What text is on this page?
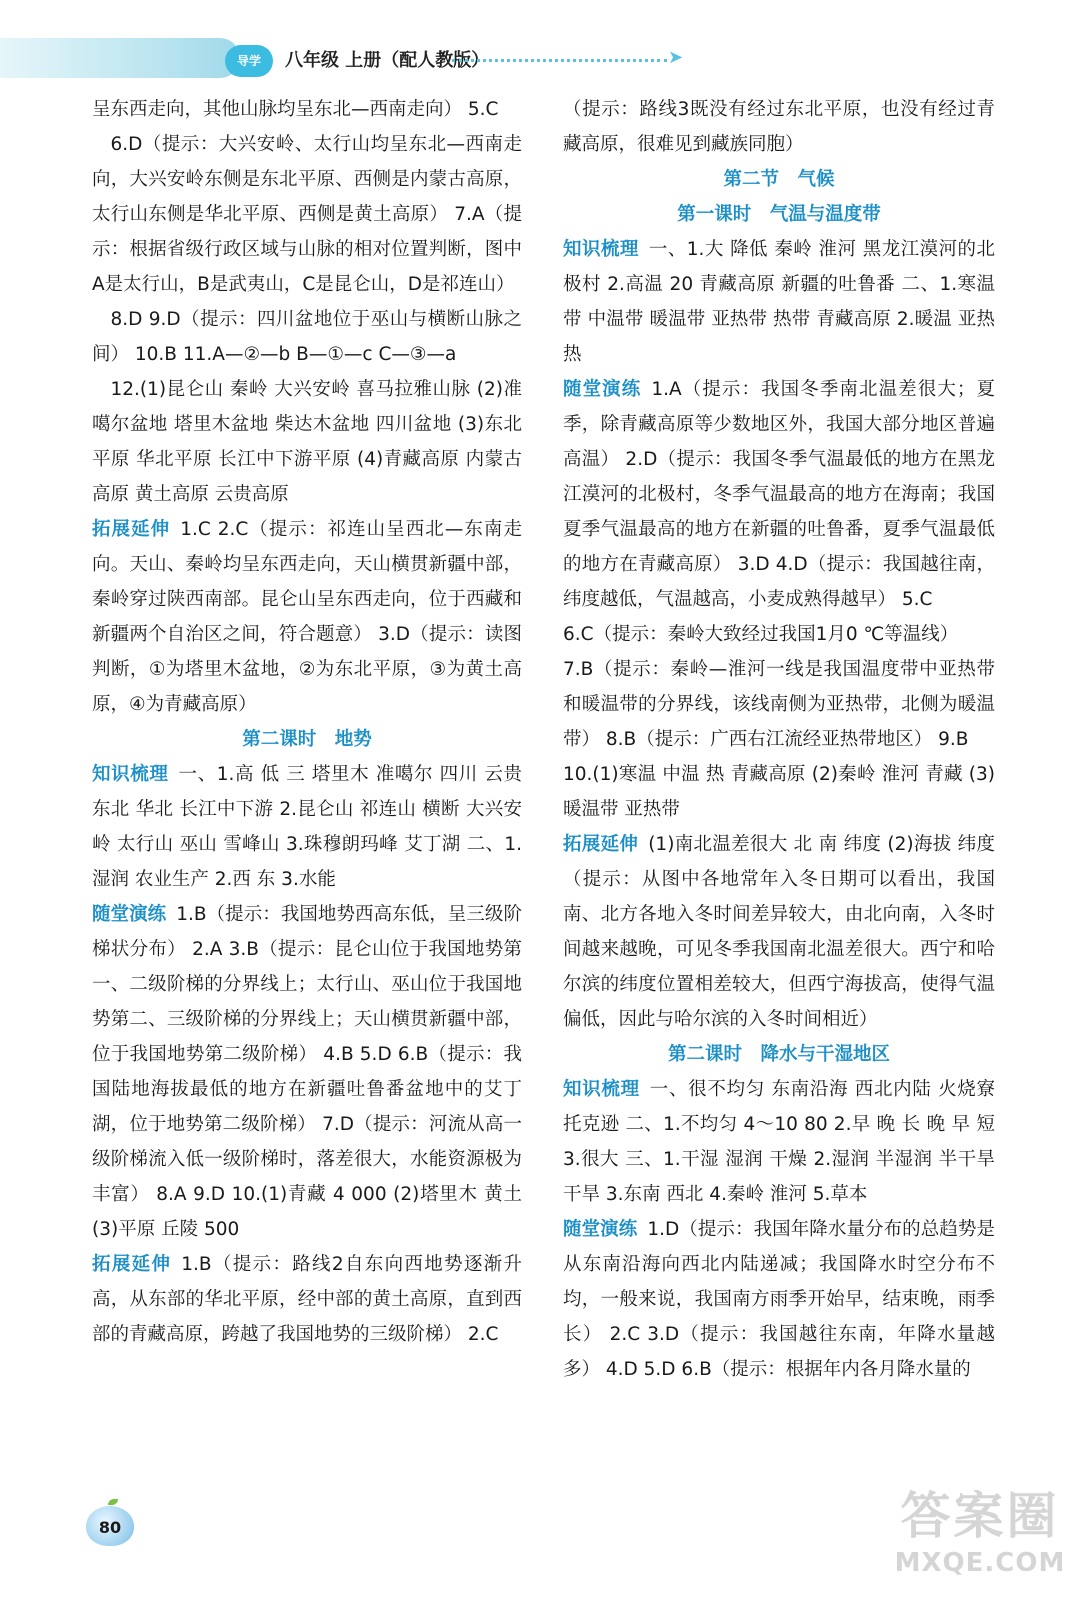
导学	八年级 上册（配人教版）	➤

呈东西走向，其他山脉均呈东北—西南走向） 5.C

6.D（提示：大兴安岭、太行山均呈东北—西南走向，大兴安岭东侧是东北平原、西侧是内蒙古高原，太行山东侧是华北平原、西侧是黄土高原） 7.A（提示：根据省级行政区域与山脉的相对位置判断，图中A是太行山，B是武夷山，C是昆仑山，D是祁连山）

8.D 9.D（提示：四川盆地位于巫山与横断山脉之间） 10.B 11.A—②—b B—①—c C—③—a

12.(1)昆仑山 秦岭 大兴安岭 喜马拉雅山脉 (2)准噶尔盆地 塔里木盆地 柴达木盆地 四川盆地 (3)东北平原 华北平原 长江中下游平原 (4)青藏高原 内蒙古高原 黄土高原 云贵高原

拓展延伸 1.C 2.C（提示：祁连山呈西北—东南走向。天山、秦岭均呈东西走向，天山横贯新疆中部，秦岭穿过陕西南部。昆仑山呈东西走向，位于西藏和新疆两个自治区之间，符合题意） 3.D（提示：读图判断，①为塔里木盆地，②为东北平原，③为黄土高原，④为青藏高原）

第二课时　地势

知识梳理 一、1.高 低 三 塔里木 准噶尔 四川 云贵 东北 华北 长江中下游 2.昆仑山 祁连山 横断 大兴安岭 太行山 巫山 雪峰山 3.珠穆朗玛峰 艾丁湖 二、1.湿润 农业生产 2.西 东 3.水能

随堂演练 1.B（提示：我国地势西高东低，呈三级阶梯状分布） 2.A 3.B（提示：昆仑山位于我国地势第一、二级阶梯的分界线上；太行山、巫山位于我国地势第二、三级阶梯的分界线上；天山横贯新疆中部，位于我国地势第二级阶梯） 4.B 5.D 6.B（提示：我国陆地海拔最低的地方在新疆吐鲁番盆地中的艾丁湖，位于地势第二级阶梯） 7.D（提示：河流从高一级阶梯流入低一级阶梯时，落差很大，水能资源极为丰富） 8.A 9.D 10.(1)青藏 4 000 (2)塔里木 黄土 (3)平原 丘陵 500

拓展延伸 1.B（提示：路线2自东向西地势逐渐升高，从东部的华北平原，经中部的黄土高原，直到西部的青藏高原，跨越了我国地势的三级阶梯） 2.C

（提示：路线3既没有经过东北平原，也没有经过青藏高原，很难见到藏族同胞）

第二节　气候

第一课时　气温与温度带

知识梳理 一、1.大 降低 秦岭 淮河 黑龙江漠河的北极村 2.高温 20 青藏高原 新疆的吐鲁番 二、1.寒温带 中温带 暖温带 亚热带 热带 青藏高原 2.暖温 亚热 热

随堂演练 1.A（提示：我国冬季南北温差很大；夏季，除青藏高原等少数地区外，我国大部分地区普遍高温） 2.D（提示：我国冬季气温最低的地方在黑龙江漠河的北极村，冬季气温最高的地方在海南；我国夏季气温最高的地方在新疆的吐鲁番，夏季气温最低的地方在青藏高原） 3.D 4.D（提示：我国越往南，纬度越低，气温越高，小麦成熟得越早） 5.C

6.C（提示：秦岭大致经过我国1月0 ℃等温线）

7.B（提示：秦岭—淮河一线是我国温度带中亚热带和暖温带的分界线，该线南侧为亚热带，北侧为暖温带） 8.B（提示：广西右江流经亚热带地区） 9.B

10.(1)寒温 中温 热 青藏高原 (2)秦岭 淮河 青藏 (3)暖温带 亚热带

拓展延伸 (1)南北温差很大 北 南 纬度 (2)海拔 纬度（提示：从图中各地常年入冬日期可以看出，我国南、北方各地入冬时间差异较大，由北向南，入冬时间越来越晚，可见冬季我国南北温差很大。西宁和哈尔滨的纬度位置相差较大，但西宁海拔高，使得气温偏低，因此与哈尔滨的入冬时间相近）

第二课时　降水与干湿地区

知识梳理 一、很不均匀 东南沿海 西北内陆 火烧寮 托克逊 二、1.不均匀 4～10 80 2.早 晚 长 晚 早 短 3.很大 三、1.干湿 湿润 干燥 2.湿润 半湿润 半干旱 干旱 3.东南 西北 4.秦岭 淮河 5.草本

随堂演练 1.D（提示：我国年降水量分布的总趋势是从东南沿海向西北内陆递减；我国降水时空分布不均，一般来说，我国南方雨季开始早，结束晚，雨季长） 2.C 3.D（提示：我国越往东南，年降水量越多） 4.D 5.D 6.B（提示：根据年内各月降水量的

80	答案圈
MXQE.COM
